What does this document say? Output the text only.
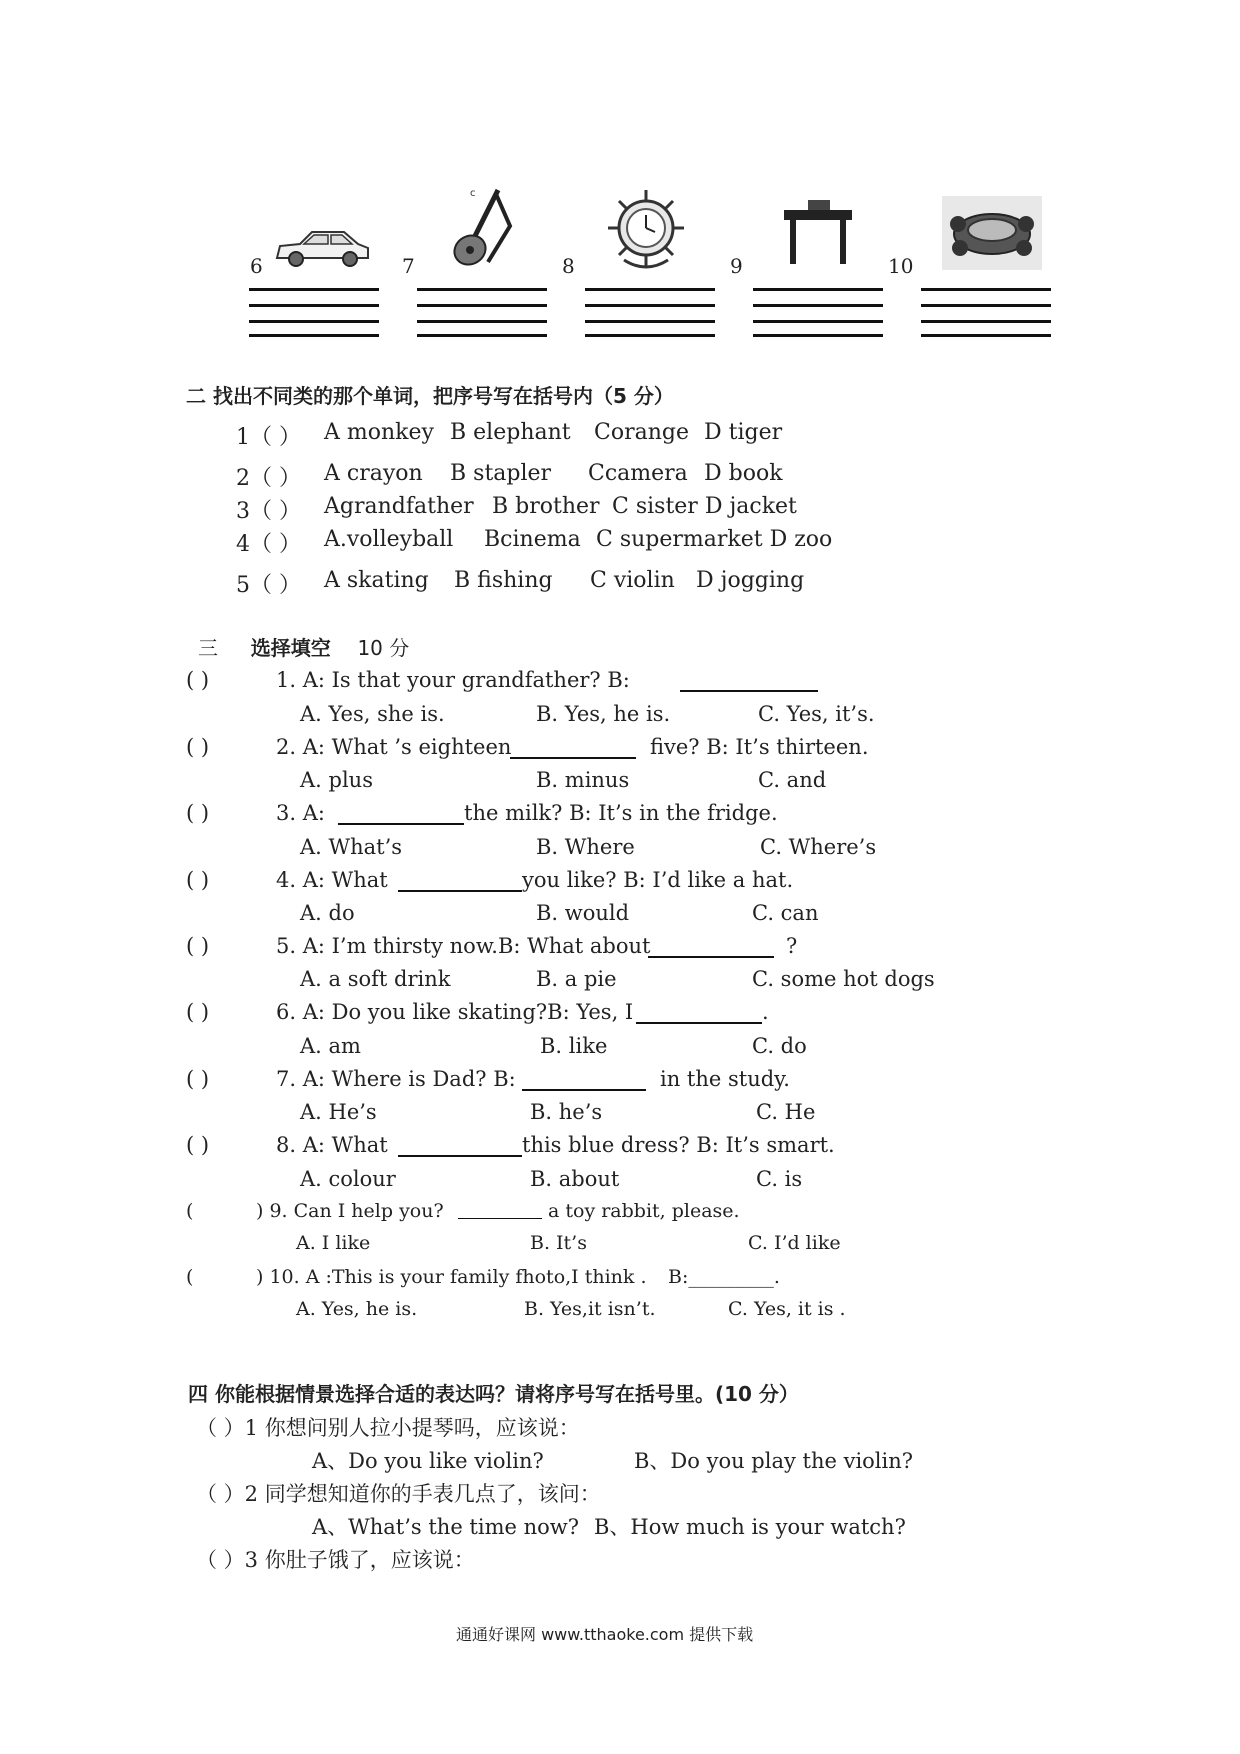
6	7
c
8	9	10
二 找出不同类的那个单词，把序号写在括号内（5 分）
1（ ） A monkey B elephant Corange D tiger
2（ ） A crayon B stapler Ccamera D book
3（ ） Agrandfather B brother C sister D jacket
4（ ） A.volleyball Bcinema C supermarket D zoo
5（ ） A skating B fishing C violin D jogging
三 选择填空 10 分
( )	1. A: Is that your grandfather? B:
A. Yes, she is.	B. Yes, he is.	C. Yes, it’s.
( )	2. A: What ’s eighteen	five? B: It’s thirteen.
A. plus	B. minus	C. and
( )	3. A:	the milk? B: It’s in the fridge.
A. What’s	B. Where	C. Where’s
( )	4. A: What	you like? B: I’d like a hat.
A. do	B. would	C. can
( )	5. A: I’m thirsty now.B: What about	?
A. a soft drink	B. a pie	C. some hot dogs
( )	6. A: Do you like skating?B: Yes, I	.
A. am	B. like	C. do
( )	7. A: Where is Dad? B:	in the study.
A. He’s	B. he’s	C. He
( )	8. A: What	this blue dress? B: It’s smart.
A. colour	B. about	C. is
(	) 9. Can I help you?	a toy rabbit, please.
A. I like	B. It’s	C. I’d like
(	) 10. A :This is your family fhoto,I think . B:_________.
A. Yes, he is.	B. Yes,it isn’t.	C. Yes, it is .
四 你能根据情景选择合适的表达吗？请将序号写在括号里。(10 分）
（ ）1 你想问别人拉小提琴吗，应该说：
A、Do you like violin?	B、Do you play the violin?
（ ）2 同学想知道你的手表几点了，该问：
A、What’s the time now? B、How much is your watch?
（ ）3 你肚子饿了，应该说：
通通好课网 www.tthaoke.com 提供下载
